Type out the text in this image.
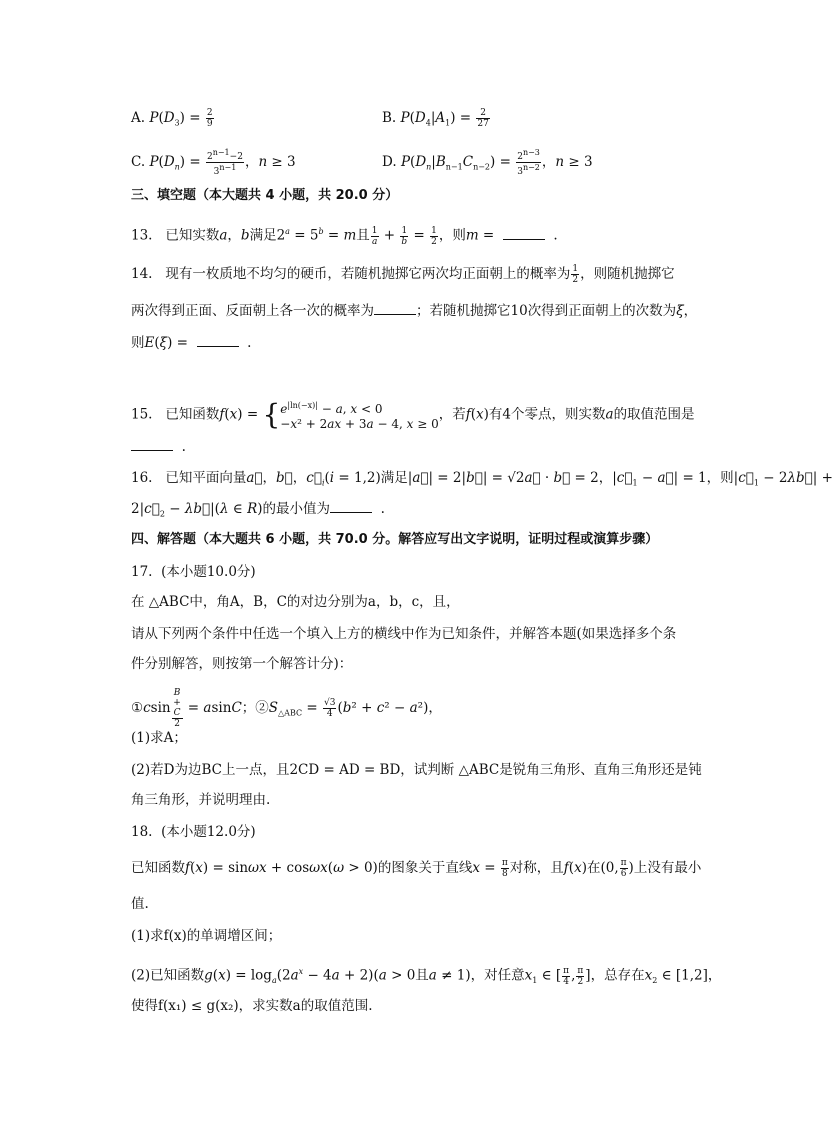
A. $P(D_3) = \frac{2}{9}$	B. $P(D_4|A_1) = \frac{2}{27}$
C. $P(D_n) = \frac{2^{n-1}-2}{3^{n-1}}$ ，n ≥ 3	D. $P(D_n|B_{n-1}C_{n-2}) = \frac{2^{n-3}}{3^{n-2}}$ ，n ≥ 3
三、填空题（本大题共 4 小题，共 20.0 分）
13. 已知实数a，b满足$2^a = 5^b = m$且 $\frac{1}{a} + \frac{1}{b} = \frac{1}{2}$ ，则m =	.
14. 现有一枚质地不均匀的硬币，若随机抛掷它两次均正面朝上的概率为 $\frac{1}{2}$ ，则随机抛掷它
两次得到正面、反面朝上各一次的概率为	；若随机抛掷它10次得到正面朝上的次数为ξ，
则E(ξ) =	.
15. 已知函数f(x) = { $e^{|ln(-x)|} - a$, x < 0
−x² + 2ax + 3a − 4, x ≥ 0
，若f(x)有4个零点，则实数a的取值范围是
.
16. 已知平面向量a⃗，b⃗，$c⃗_i(i = 1,2)$满足|a⃗| = 2|b⃗| = √2a⃗ · b⃗ = 2，$|c⃗_1$ − a⃗| = 1，则$|c⃗_1$ − 2λb⃗| +
$2|c⃗_2$ − λb⃗|(λ ∈ R)的最小值为	.
四、解答题（本大题共 6 小题，共 70.0 分。解答应写出文字说明，证明过程或演算步骤）
17. (本小题10.0分)
在 △ABC中，角A，B，C的对边分别为a，b，c，且，
请从下列两个条件中任选一个填入上方的横线中作为已知条件，并解答本题(如果选择多个条
件分别解答，则按第一个解答计分)：
①csin B
+
C
2 = asinC；$②S_{\triangle ABC} = \frac{√3}{4} (b^2 + c^2 - a^2)$，
(1)求A；
(2)若D为边BC上一点，且2CD = AD = BD，试判断 △ABC是锐角三角形、直角三角形还是钝
角三角形，并说明理由.
18. (本小题12.0分)
已知函数f(x) = sinωx + cosωx(ω > 0)的图象关于直线$x = \frac{\pi}{8}$ 对称，且f(x)在(0, $\frac{\pi}{6}$ )上没有最小
值.
(1)求f(x)的单调增区间；
(2)已知函数$g(x) = \log_a(2a^x - 4a + 2)(a > 0$且a ≠ 1)，对任意$x_1$ ∈ [ $\frac{\pi}{4}$ , $\frac{\pi}{2}$ ]，总存在$x_2$ ∈ [1,2]，
使得f(x₁) ≤ g(x₂)，求实数a的取值范围.
